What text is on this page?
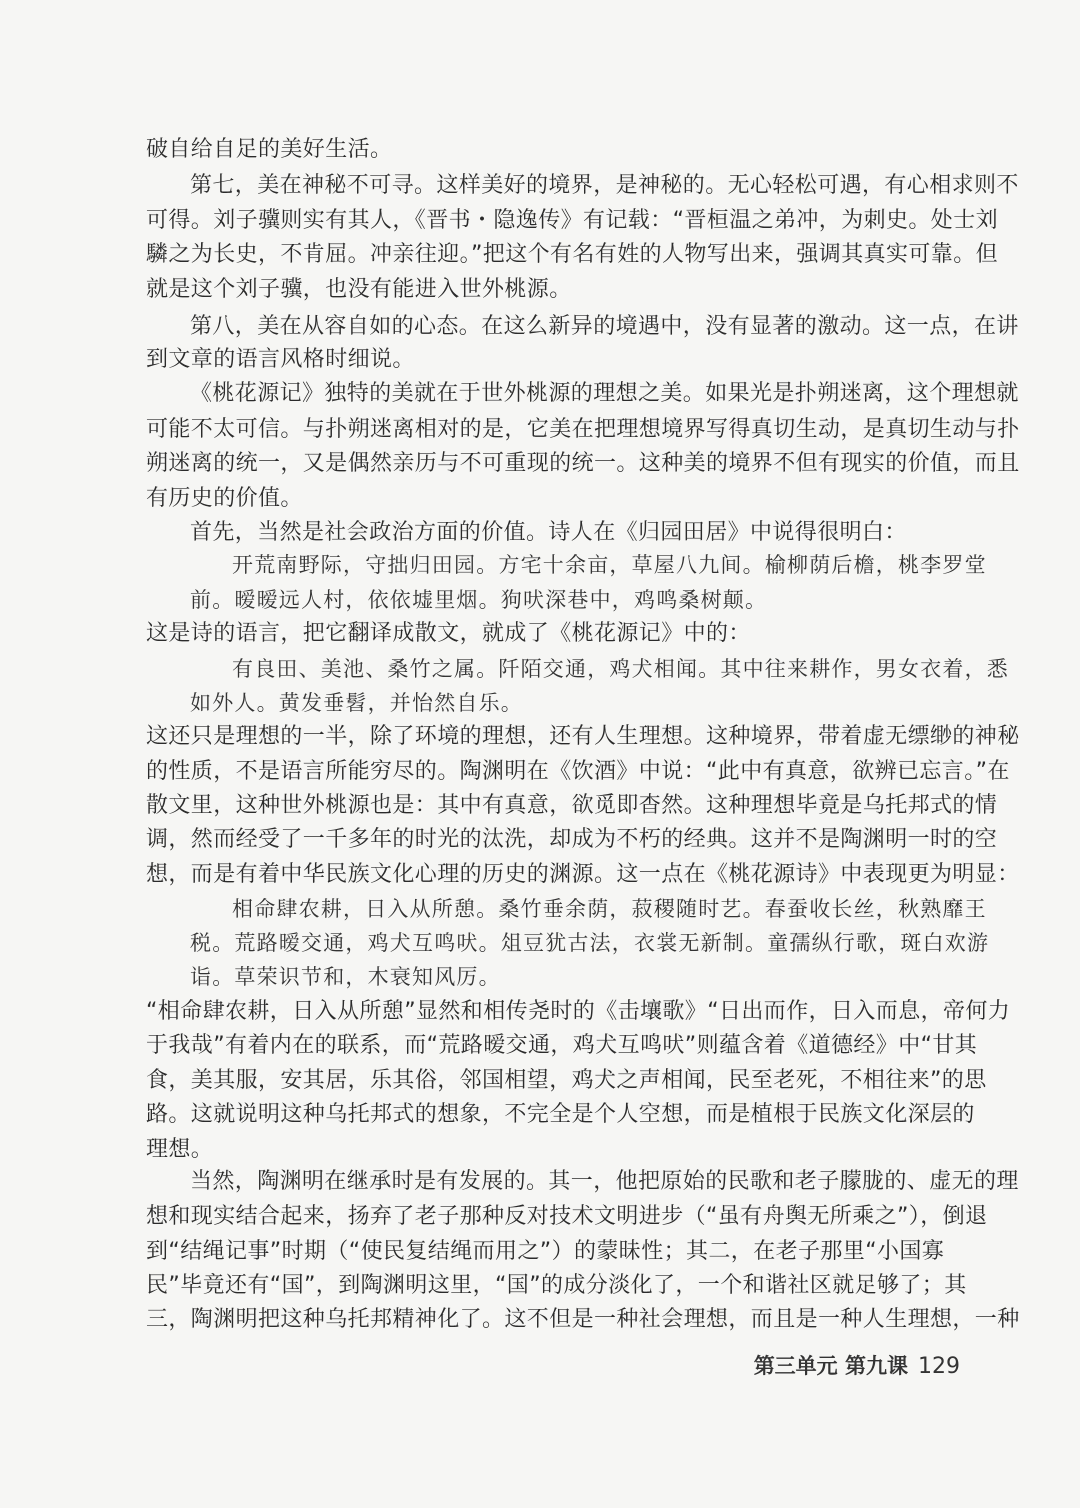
破自给自足的美好生活。
第七，美在神秘不可寻。这样美好的境界，是神秘的。无心轻松可遇，有心相求则不
可得。刘子骥则实有其人，《晋书・隐逸传》有记载：“晋桓温之弟冲，为刺史。处士刘
驎之为长史，不肯屈。冲亲往迎。”把这个有名有姓的人物写出来，强调其真实可靠。但
就是这个刘子骥，也没有能进入世外桃源。
第八，美在从容自如的心态。在这么新异的境遇中，没有显著的激动。这一点，在讲
到文章的语言风格时细说。
《桃花源记》独特的美就在于世外桃源的理想之美。如果光是扑朔迷离，这个理想就
可能不太可信。与扑朔迷离相对的是，它美在把理想境界写得真切生动，是真切生动与扑
朔迷离的统一，又是偶然亲历与不可重现的统一。这种美的境界不但有现实的价值，而且
有历史的价值。
首先，当然是社会政治方面的价值。诗人在《归园田居》中说得很明白：
开荒南野际，守拙归田园。方宅十余亩，草屋八九间。榆柳荫后檐，桃李罗堂
前。暧暧远人村，依依墟里烟。狗吠深巷中，鸡鸣桑树颠。
这是诗的语言，把它翻译成散文，就成了《桃花源记》中的：
有良田、美池、桑竹之属。阡陌交通，鸡犬相闻。其中往来耕作，男女衣着，悉
如外人。黄发垂髫，并怡然自乐。
这还只是理想的一半，除了环境的理想，还有人生理想。这种境界，带着虚无缥缈的神秘
的性质，不是语言所能穷尽的。陶渊明在《饮酒》中说：“此中有真意，欲辨已忘言。”在
散文里，这种世外桃源也是：其中有真意，欲觅即杳然。这种理想毕竟是乌托邦式的情
调，然而经受了一千多年的时光的汰洗，却成为不朽的经典。这并不是陶渊明一时的空
想，而是有着中华民族文化心理的历史的渊源。这一点在《桃花源诗》中表现更为明显：
相命肆农耕，日入从所憩。桑竹垂余荫，菽稷随时艺。春蚕收长丝，秋熟靡王
税。荒路暧交通，鸡犬互鸣吠。俎豆犹古法，衣裳无新制。童孺纵行歌，斑白欢游
诣。草荣识节和，木衰知风厉。
“相命肆农耕，日入从所憩”显然和相传尧时的《击壤歌》“日出而作，日入而息，帝何力
于我哉”有着内在的联系，而“荒路暧交通，鸡犬互鸣吠”则蕴含着《道德经》中“甘其
食，美其服，安其居，乐其俗，邻国相望，鸡犬之声相闻，民至老死，不相往来”的思
路。这就说明这种乌托邦式的想象，不完全是个人空想，而是植根于民族文化深层的
理想。
当然，陶渊明在继承时是有发展的。其一，他把原始的民歌和老子朦胧的、虚无的理
想和现实结合起来，扬弃了老子那种反对技术文明进步（“虽有舟舆无所乘之”），倒退
到“结绳记事”时期（“使民复结绳而用之”）的蒙昧性；其二，在老子那里“小国寡
民”毕竟还有“国”，到陶渊明这里，“国”的成分淡化了，一个和谐社区就足够了；其
三，陶渊明把这种乌托邦精神化了。这不但是一种社会理想，而且是一种人生理想，一种
第三单元 第九课 129
